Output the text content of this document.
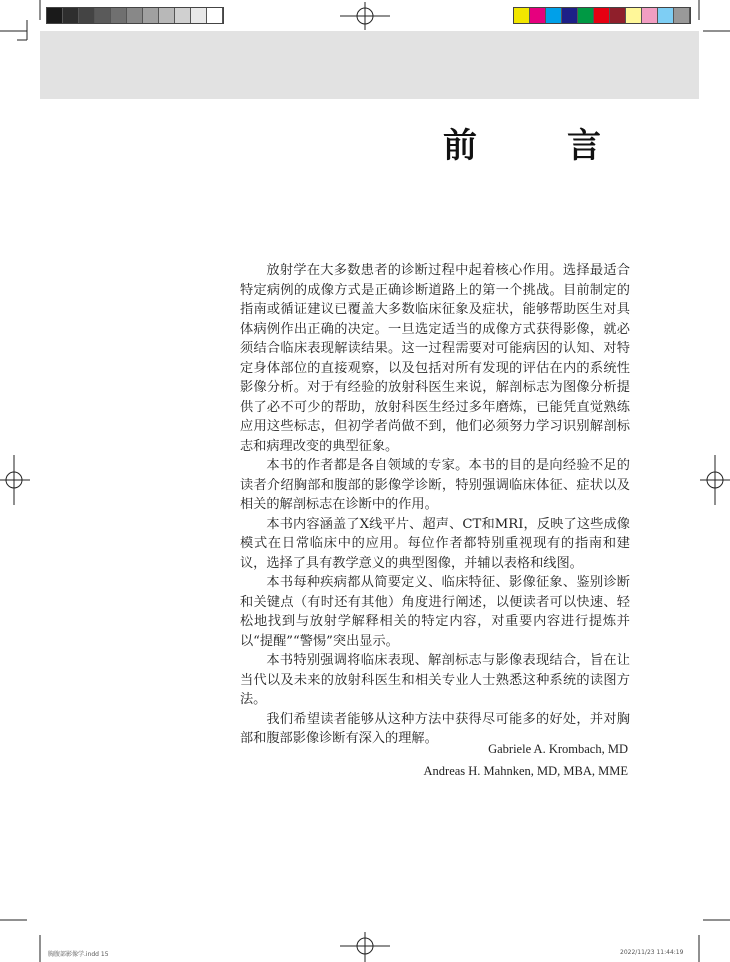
前　言

放射学在大多数患者的诊断过程中起着核心作用。选择最适合特定病例的成像方式是正确诊断道路上的第一个挑战。目前制定的指南或循证建议已覆盖大多数临床征象及症状，能够帮助医生对具体病例作出正确的决定。一旦选定适当的成像方式获得影像，就必须结合临床表现解读结果。这一过程需要对可能病因的认知、对特定身体部位的直接观察，以及包括对所有发现的评估在内的系统性影像分析。对于有经验的放射科医生来说，解剖标志为图像分析提供了必不可少的帮助，放射科医生经过多年磨炼，已能凭直觉熟练应用这些标志，但初学者尚做不到，他们必须努力学习识别解剖标志和病理改变的典型征象。

本书的作者都是各自领域的专家。本书的目的是向经验不足的读者介绍胸部和腹部的影像学诊断，特别强调临床体征、症状以及相关的解剖标志在诊断中的作用。

本书内容涵盖了X线平片、超声、CT和MRI，反映了这些成像模式在日常临床中的应用。每位作者都特别重视现有的指南和建议，选择了具有教学意义的典型图像，并辅以表格和线图。

本书每种疾病都从简要定义、临床特征、影像征象、鉴别诊断和关键点（有时还有其他）角度进行阐述，以便读者可以快速、轻松地找到与放射学解释相关的特定内容，对重要内容进行提炼并以“提醒”“警惕”突出显示。

本书特别强调将临床表现、解剖标志与影像表现结合，旨在让当代以及未来的放射科医生和相关专业人士熟悉这种系统的读图方法。

我们希望读者能够从这种方法中获得尽可能多的好处，并对胸部和腹部影像诊断有深入的理解。

Gabriele A. Krombach, MD
Andreas H. Mahnken, MD, MBA, MME
胸腹部影像学.indd 15	2022/11/23 11:44:19
